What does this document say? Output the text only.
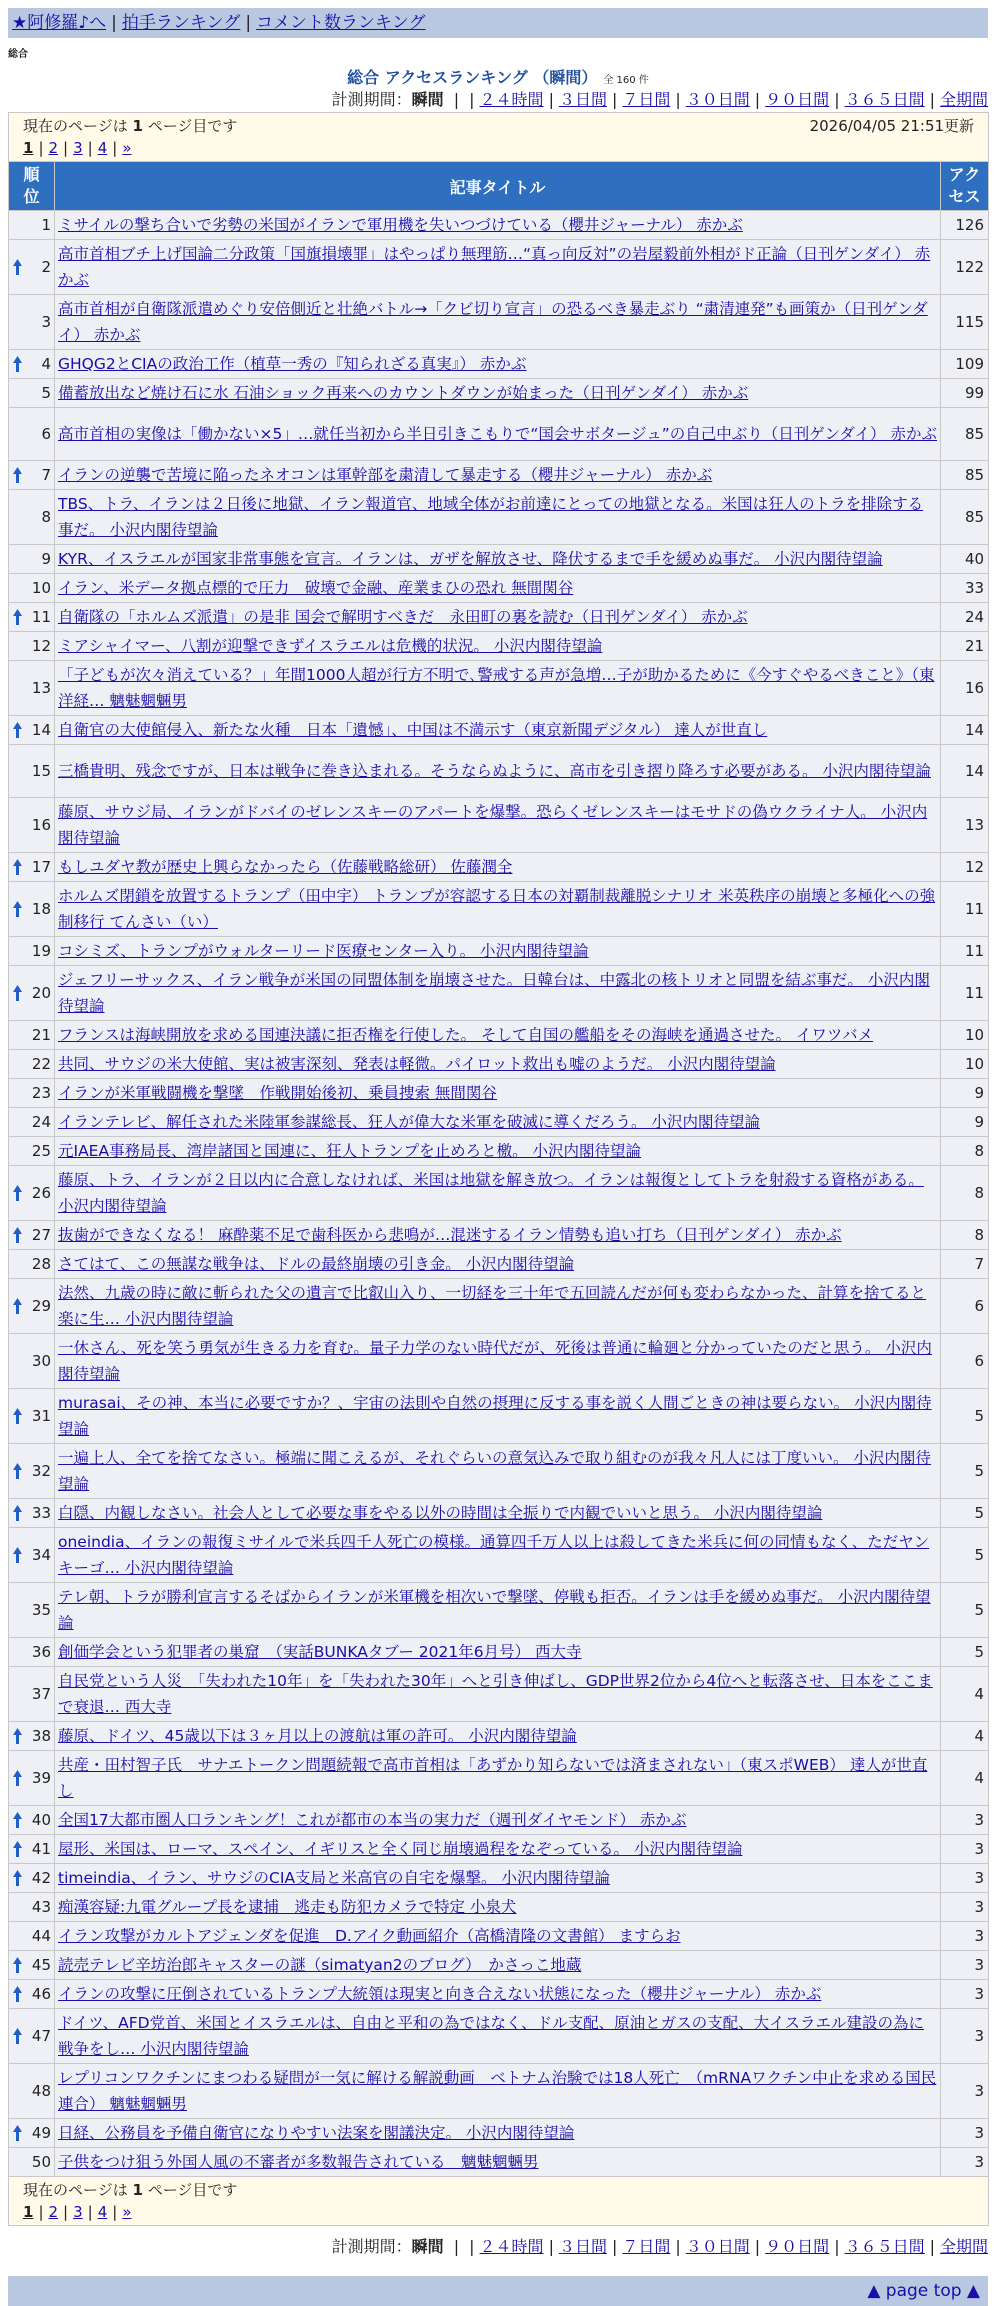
★阿修羅♪へ | 拍手ランキング | コメント数ランキング
総合
総合 アクセスランキング （瞬間） 全 160 件
計測期間：瞬間 | | ２４時間 | ３日間 | ７日間 | ３０日間 | ９０日間 | ３６５日間 | 全期間
現在のページは 1 ページ目です 2026/04/05 21:51更新
1 | 2 | 3 | 4 | »		

順位	記事タイトル	アクセス
1	ミサイルの撃ち合いで劣勢の米国がイランで軍用機を失いつづけている（櫻井ジャーナル） 赤かぶ	126

2	高市首相ブチ上げ国論二分政策「国旗損壊罪」はやっぱり無理筋…“真っ向反対”の岩屋毅前外相がド正論（日刊ゲンダイ） 赤かぶ	122
3	高市首相が自衛隊派遣めぐり安倍側近と壮絶バトル→「クビ切り宣言」の恐るべき暴走ぶり “粛清連発”も画策か（日刊ゲンダイ） 赤かぶ	115

4	GHQG2とCIAの政治工作（植草一秀の『知られざる真実』） 赤かぶ	109
5	備蓄放出など焼け石に水 石油ショック再来へのカウントダウンが始まった（日刊ゲンダイ） 赤かぶ	99
6	高市首相の実像は「働かない×5」…就任当初から半日引きこもりで“国会サボタージュ”の自己中ぶり（日刊ゲンダイ） 赤かぶ	85

7	イランの逆襲で苦境に陥ったネオコンは軍幹部を粛清して暴走する（櫻井ジャーナル） 赤かぶ	85
8	TBS、トラ、イランは２日後に地獄、イラン報道官、地域全体がお前達にとっての地獄となる。米国は狂人のトラを排除する事だ。 小沢内閣待望論	85
9	KYR、イスラエルが国家非常事態を宣言。イランは、ガザを解放させ、降伏するまで手を緩めぬ事だ。 小沢内閣待望論	40
10	イラン、米データ拠点標的で圧力　破壊で金融、産業まひの恐れ 無間関谷	33

11	自衛隊の「ホルムズ派遣」の是非 国会で解明すべきだ　永田町の裏を読む（日刊ゲンダイ） 赤かぶ	24
12	ミアシャイマー、八割が迎撃できずイスラエルは危機的状況。 小沢内閣待望論	21
13	「子どもが次々消えている？」年間1000人超が行方不明で､警戒する声が急増…子が助かるために《今すぐやるべきこと》（東洋経… 魑魅魍魎男	16

14	自衛官の大使館侵入、新たな火種　日本「遺憾」、中国は不満示す（東京新聞デジタル） 達人が世直し	14
15	三橋貴明、残念ですが、日本は戦争に巻き込まれる。そうならぬように、高市を引き摺り降ろす必要がある。 小沢内閣待望論	14
16	藤原、サウジ局、イランがドバイのゼレンスキーのアパートを爆撃。恐らくゼレンスキーはモサドの偽ウクライナ人。 小沢内閣待望論	13

17	もしユダヤ教が歴史上興らなかったら（佐藤戦略総研） 佐藤潤全	12

18	ホルムズ閉鎖を放置するトランプ（田中宇） トランプが容認する日本の対覇制裁離脱シナリオ 米英秩序の崩壊と多極化への強制移行 てんさい（い）	11
19	コシミズ、トランプがウォルターリード医療センター入り。 小沢内閣待望論	11

20	ジェフリーサックス、イラン戦争が米国の同盟体制を崩壊させた。日韓台は、中露北の核トリオと同盟を結ぶ事だ。 小沢内閣待望論	11
21	フランスは海峡開放を求める国連決議に拒否権を行使した。 そして自国の艦船をその海峡を通過させた。 イワツバメ	10
22	共同、サウジの米大使館、実は被害深刻、発表は軽微。パイロット救出も嘘のようだ。 小沢内閣待望論	10
23	イランが米軍戦闘機を撃墜　作戦開始後初、乗員捜索 無間関谷	9
24	イランテレビ、解任された米陸軍参謀総長、狂人が偉大な米軍を破滅に導くだろう。 小沢内閣待望論	9
25	元IAEA事務局長、湾岸諸国と国連に、狂人トランプを止めろと檄。 小沢内閣待望論	8

26	藤原、トラ、イランが２日以内に合意しなければ、米国は地獄を解き放つ。イランは報復としてトラを射殺する資格がある。 小沢内閣待望論	8

27	抜歯ができなくなる！ 麻酔薬不足で歯科医から悲鳴が…混迷するイラン情勢も追い打ち（日刊ゲンダイ） 赤かぶ	8
28	さてはて、この無謀な戦争は、ドルの最終崩壊の引き金。 小沢内閣待望論	7

29	法然、九歳の時に敵に斬られた父の遺言で比叡山入り、一切経を三十年で五回読んだが何も変わらなかった、計算を捨てると楽に生… 小沢内閣待望論	6
30	一休さん、死を笑う勇気が生きる力を育む。量子力学のない時代だが、死後は普通に輪廻と分かっていたのだと思う。 小沢内閣待望論	6

31	murasai、その神、本当に必要ですか？、宇宙の法則や自然の摂理に反する事を説く人間ごときの神は要らない。 小沢内閣待望論	5

32	一遍上人、全てを捨てなさい。極端に聞こえるが、それぐらいの意気込みで取り組むのが我々凡人には丁度いい。 小沢内閣待望論	5

33	白隠、内観しなさい。社会人として必要な事をやる以外の時間は全振りで内観でいいと思う。 小沢内閣待望論	5

34	oneindia、イランの報復ミサイルで米兵四千人死亡の模様。通算四千万人以上は殺してきた米兵に何の同情もなく、ただヤンキーゴ… 小沢内閣待望論	5
35	テレ朝、トラが勝利宣言するそばからイランが米軍機を相次いで撃墜、停戦も拒否。イランは手を緩めぬ事だ。 小沢内閣待望論	5
36	創価学会という犯罪者の巣窟　（実話BUNKAタブー 2021年6月号） 西大寺	5
37	自民党という人災　「失われた10年」を「失われた30年」へと引き伸ばし、GDP世界2位から4位へと転落させ、日本をここまで衰退… 西大寺	4

38	藤原、ドイツ、45歳以下は３ヶ月以上の渡航は軍の許可。 小沢内閣待望論	4

39	共産・田村智子氏　サナエトークン問題続報で高市首相は「あずかり知らないでは済まされない」（東スポWEB） 達人が世直し	4

40	全国17大都市圏人口ランキング！これが都市の本当の実力だ（週刊ダイヤモンド） 赤かぶ	3

41	屋形、米国は、ローマ、スペイン、イギリスと全く同じ崩壊過程をなぞっている。 小沢内閣待望論	3

42	timeindia、イラン、サウジのCIA支局と米高官の自宅を爆撃。 小沢内閣待望論	3
43	痴漢容疑:九電グループ長を逮捕　逃走も防犯カメラで特定 小泉犬	3
44	イラン攻撃がカルトアジェンダを促進　D.アイク動画紹介（高橋清隆の文書館） ますらお	3

45	読売テレビ辛坊治郎キャスターの謎（simatyan2のブログ）　かさっこ地蔵	3

46	イランの攻撃に圧倒されているトランプ大統領は現実と向き合えない状態になった（櫻井ジャーナル） 赤かぶ	3

47	ドイツ、AFD党首、米国とイスラエルは、自由と平和の為ではなく、ドル支配、原油とガスの支配、大イスラエル建設の為に戦争をし… 小沢内閣待望論	3
48	レプリコンワクチンにまつわる疑問が一気に解ける解説動画　ベトナム治験では18人死亡　（mRNAワクチン中止を求める国民連合） 魑魅魍魎男	3

49	日経、公務員を予備自衛官になりやすい法案を閣議決定。 小沢内閣待望論	3
50	子供をつけ狙う外国人風の不審者が多数報告されている　魑魅魍魎男	3

現在のページは 1 ページ目です
1 | 2 | 3 | 4 | »		
計測期間：瞬間 | | ２４時間 | ３日間 | ７日間 | ３０日間 | ９０日間 | ３６５日間 | 全期間
▲ page top ▲
